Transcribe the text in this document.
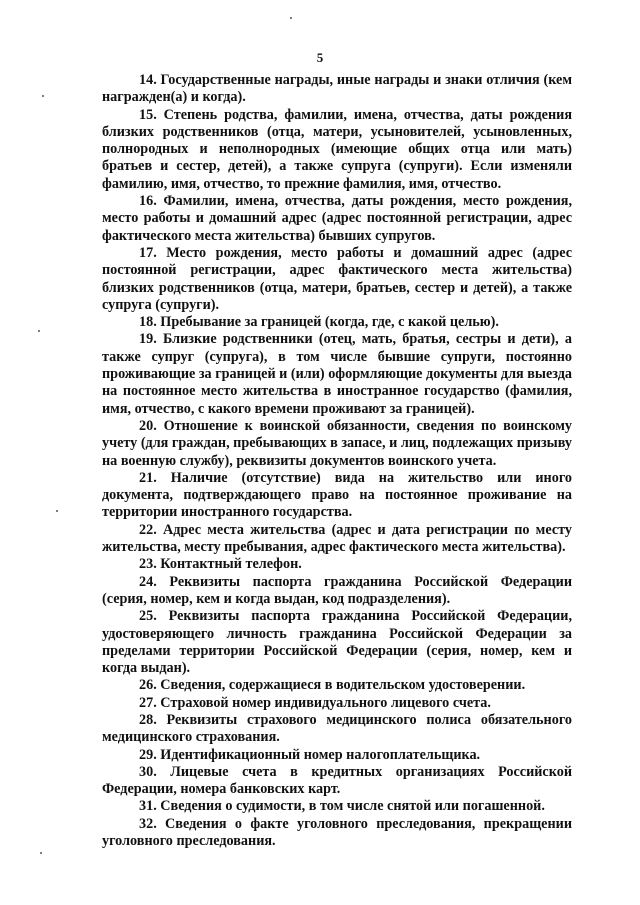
5

14. Государственные награды, иные награды и знаки отличия (кем награжден(а) и когда).

15. Степень родства, фамилии, имена, отчества, даты рождения близких родственников (отца, матери, усыновителей, усыновленных, полнородных и неполнородных (имеющие общих отца или мать) братьев и сестер, детей), а также супруга (супруги). Если изменяли фамилию, имя, отчество, то прежние фамилия, имя, отчество.

16. Фамилии, имена, отчества, даты рождения, место рождения, место работы и домашний адрес (адрес постоянной регистрации, адрес фактического места жительства) бывших супругов.

17. Место рождения, место работы и домашний адрес (адрес постоянной регистрации, адрес фактического места жительства) близких родственников (отца, матери, братьев, сестер и детей), а также супруга (супруги).

18. Пребывание за границей (когда, где, с какой целью).

19. Близкие родственники (отец, мать, братья, сестры и дети), а также супруг (супруга), в том числе бывшие супруги, постоянно проживающие за границей и (или) оформляющие документы для выезда на постоянное место жительства в иностранное государство (фамилия, имя, отчество, с какого времени проживают за границей).

20. Отношение к воинской обязанности, сведения по воинскому учету (для граждан, пребывающих в запасе, и лиц, подлежащих призыву на военную службу), реквизиты документов воинского учета.

21. Наличие (отсутствие) вида на жительство или иного документа, подтверждающего право на постоянное проживание на территории иностранного государства.

22. Адрес места жительства (адрес и дата регистрации по месту жительства, месту пребывания, адрес фактического места жительства).

23. Контактный телефон.

24. Реквизиты паспорта гражданина Российской Федерации (серия, номер, кем и когда выдан, код подразделения).

25. Реквизиты паспорта гражданина Российской Федерации, удостоверяющего личность гражданина Российской Федерации за пределами территории Российской Федерации (серия, номер, кем и когда выдан).

26. Сведения, содержащиеся в водительском удостоверении.

27. Страховой номер индивидуального лицевого счета.

28. Реквизиты страхового медицинского полиса обязательного медицинского страхования.

29. Идентификационный номер налогоплательщика.

30. Лицевые счета в кредитных организациях Российской Федерации, номера банковских карт.

31. Сведения о судимости, в том числе снятой или погашенной.

32. Сведения о факте уголовного преследования, прекращении уголовного преследования.
